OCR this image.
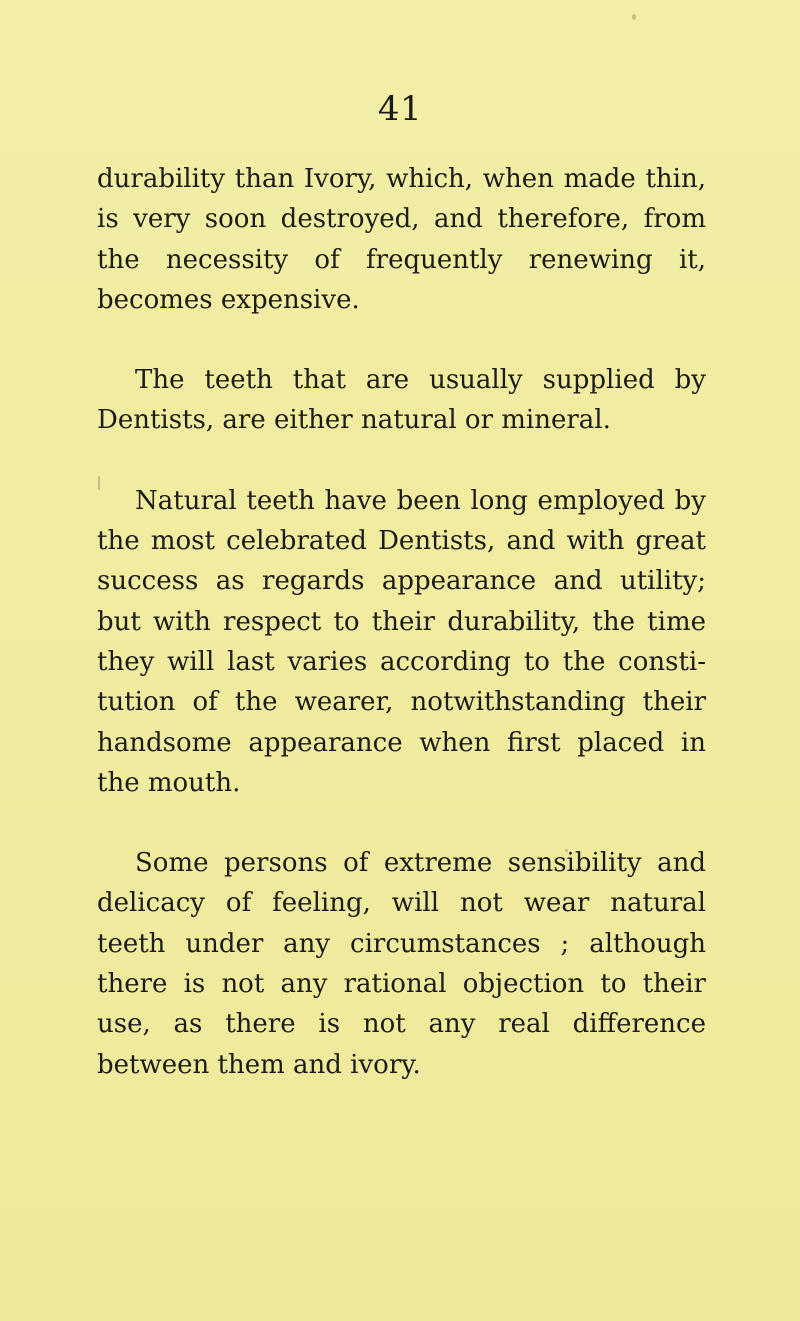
41

durability than Ivory, which, when made thin, is very soon destroyed, and therefore, from the necessity of frequently renewing it, becomes expensive.

The teeth that are usually supplied by Dentists, are either natural or mineral.

Natural teeth have been long employed by the most celebrated Dentists, and with great success as regards appearance and utility; but with respect to their durability, the time they will last varies according to the consti- tution of the wearer, notwithstanding their handsome appearance when first placed in the mouth.

Some persons of extreme sensibility and delicacy of feeling, will not wear natural teeth under any circumstances ; although there is not any rational objection to their use, as there is not any real difference between them and ivory.
